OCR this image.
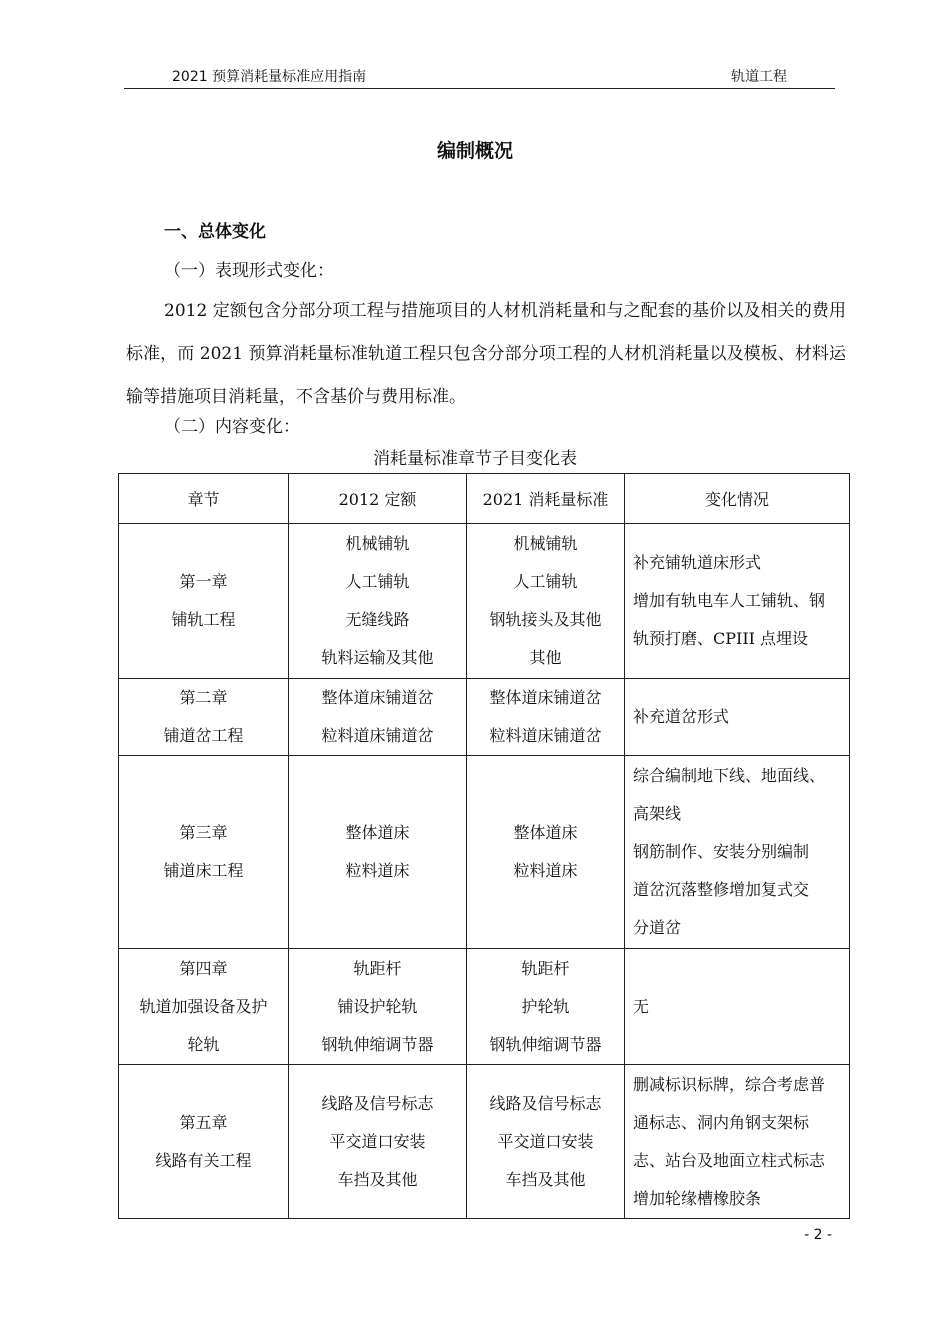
2021 预算消耗量标准应用指南	轨道工程
编制概况
一、总体变化
（一）表现形式变化：
2012 定额包含分部分项工程与措施项目的人材机消耗量和与之配套的基价以及相关的费用标准，而 2021 预算消耗量标准轨道工程只包含分部分项工程的人材机消耗量以及模板、材料运输等措施项目消耗量，不含基价与费用标准。
（二）内容变化：
消耗量标准章节子目变化表
章节	2012 定额	2021 消耗量标准	变化情况

第一章
铺轨工程	机械铺轨
人工铺轨
无缝线路
轨料运输及其他	机械铺轨
人工铺轨
钢轨接头及其他
其他	补充铺轨道床形式
增加有轨电车人工铺轨、钢
轨预打磨、CPIII 点埋设

第二章
铺道岔工程	整体道床铺道岔
粒料道床铺道岔	整体道床铺道岔
粒料道床铺道岔	补充道岔形式

第三章
铺道床工程	整体道床
粒料道床	整体道床
粒料道床	综合编制地下线、地面线、
高架线
钢筋制作、安装分别编制
道岔沉落整修增加复式交
分道岔

第四章
轨道加强设备及护
轮轨	轨距杆
铺设护轮轨
钢轨伸缩调节器	轨距杆
护轮轨
钢轨伸缩调节器	无

第五章
线路有关工程	线路及信号标志
平交道口安装
车挡及其他	线路及信号标志
平交道口安装
车挡及其他	删减标识标牌，综合考虑普
通标志、洞内角钢支架标
志、站台及地面立柱式标志
增加轮缘槽橡胶条
- 2 -
